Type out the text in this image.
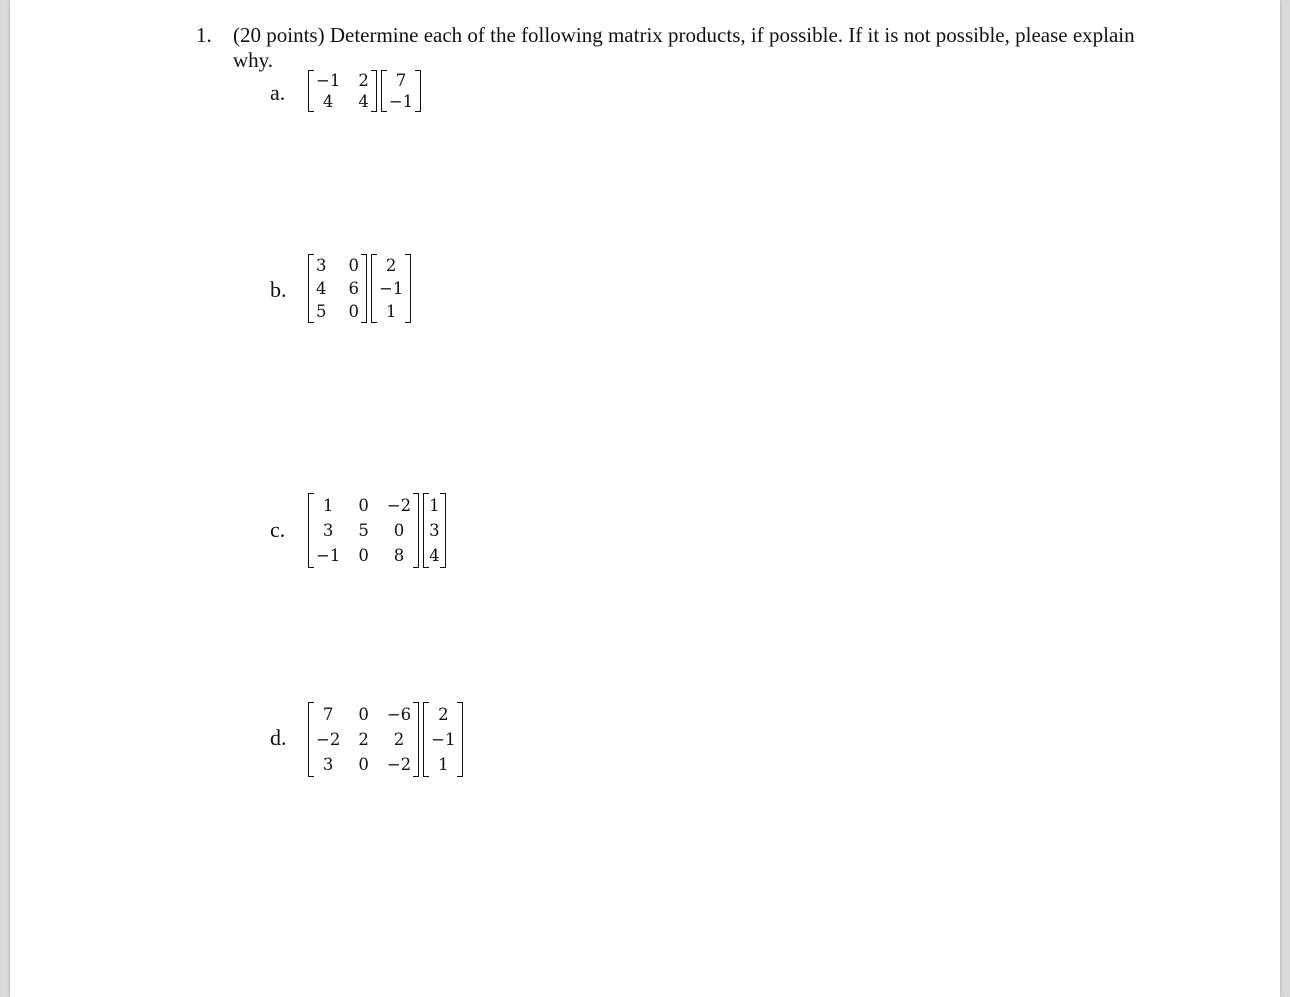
1. (20 points) Determine each of the following matrix products, if possible. If it is not possible, please explain why.
a. −1 2
4	4
7
−1
b.
3 0
4 6
5 0
2
−1
1
c.
1	0 −2
3	5	0
−1 0	8
1
3
4
d.
7	0 −6
−2 2	2
3	0 −2
2
−1
1
